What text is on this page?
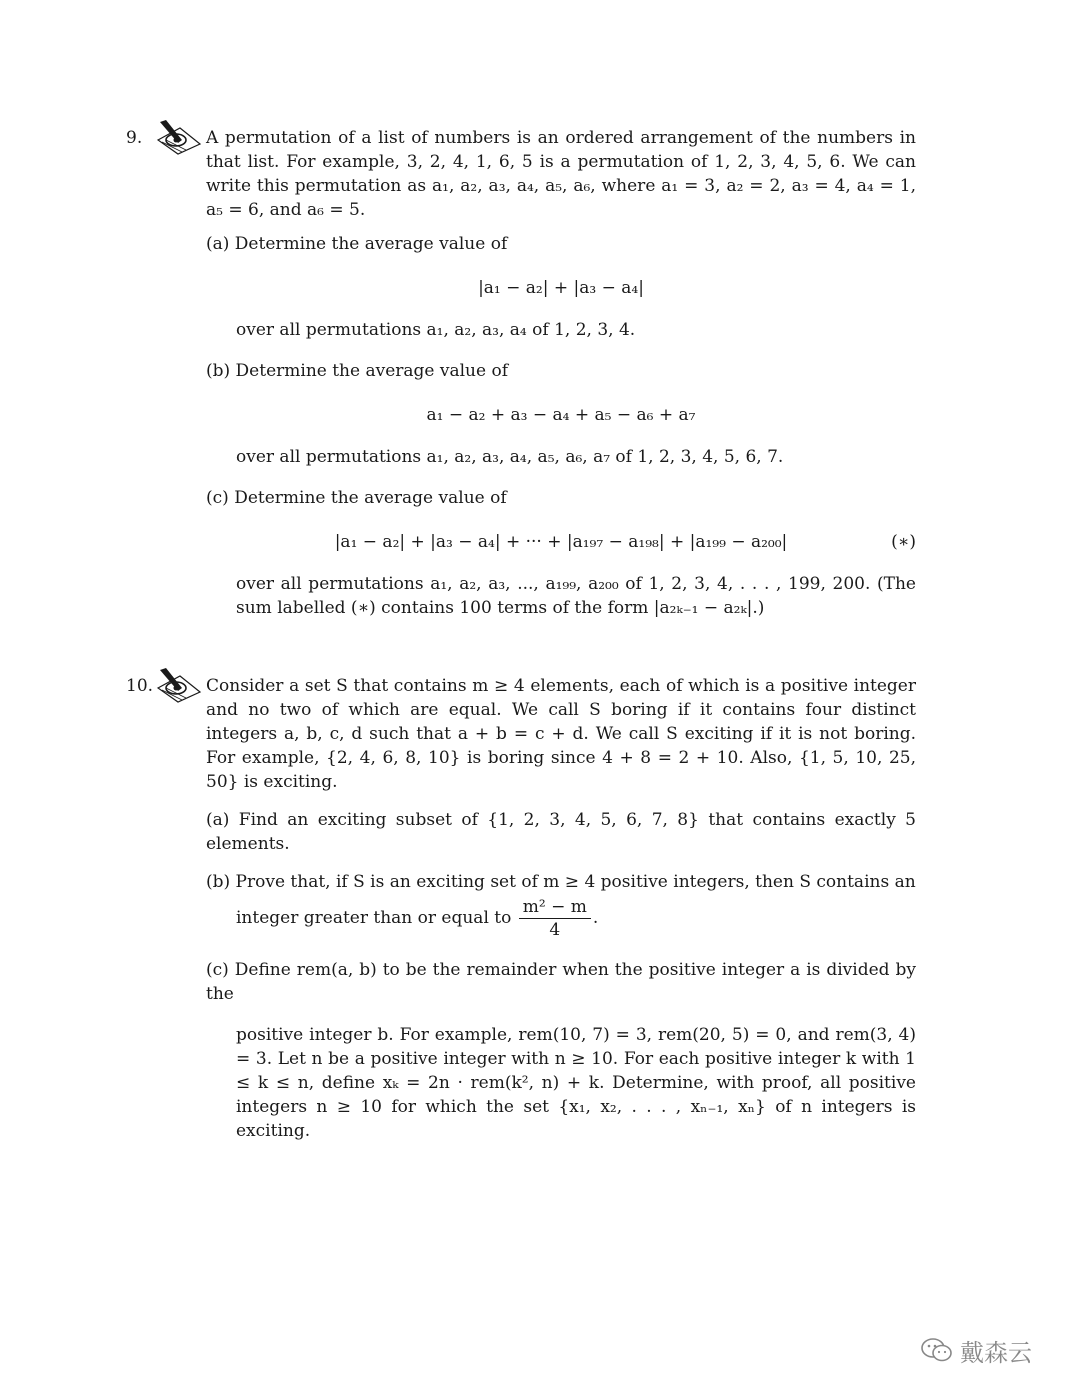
9.	A permutation of a list of numbers is an ordered arrangement of the numbers in that list. For example, 3, 2, 4, 1, 6, 5 is a permutation of 1, 2, 3, 4, 5, 6. We can write this permutation as a₁, a₂, a₃, a₄, a₅, a₆, where a₁ = 3, a₂ = 2, a₃ = 4, a₄ = 1, a₅ = 6, and a₆ = 5.

(a) Determine the average value of

|a₁ − a₂| + |a₃ − a₄|

over all permutations a₁, a₂, a₃, a₄ of 1, 2, 3, 4.

(b) Determine the average value of

a₁ − a₂ + a₃ − a₄ + a₅ − a₆ + a₇

over all permutations a₁, a₂, a₃, a₄, a₅, a₆, a₇ of 1, 2, 3, 4, 5, 6, 7.

(c) Determine the average value of

|a₁ − a₂| + |a₃ − a₄| + ··· + |a₁₉₇ − a₁₉₈| + |a₁₉₉ − a₂₀₀|	(∗)

over all permutations a₁, a₂, a₃, ..., a₁₉₉, a₂₀₀ of 1, 2, 3, 4, . . . , 199, 200. (The sum labelled (∗) contains 100 terms of the form |a₂ₖ₋₁ − a₂ₖ|.)

10.	Consider a set S that contains m ≥ 4 elements, each of which is a positive integer and no two of which are equal. We call S boring if it contains four distinct integers a, b, c, d such that a + b = c + d. We call S exciting if it is not boring. For example, {2, 4, 6, 8, 10} is boring since 4 + 8 = 2 + 10. Also, {1, 5, 10, 25, 50} is exciting.

(a) Find an exciting subset of {1, 2, 3, 4, 5, 6, 7, 8} that contains exactly 5 elements.

(b) Prove that, if S is an exciting set of m ≥ 4 positive integers, then S contains an

integer greater than or equal to $\frac{\text{m² − m}}{4}$ .

(c) Define rem(a, b) to be the remainder when the positive integer a is divided by the

positive integer b. For example, rem(10, 7) = 3, rem(20, 5) = 0, and rem(3, 4) = 3. Let n be a positive integer with n ≥ 10. For each positive integer k with 1 ≤ k ≤ n, define xₖ = 2n · rem(k², n) + k. Determine, with proof, all positive integers n ≥ 10 for which the set {x₁, x₂, . . . , xₙ₋₁, xₙ} of n integers is exciting.

戴森云
